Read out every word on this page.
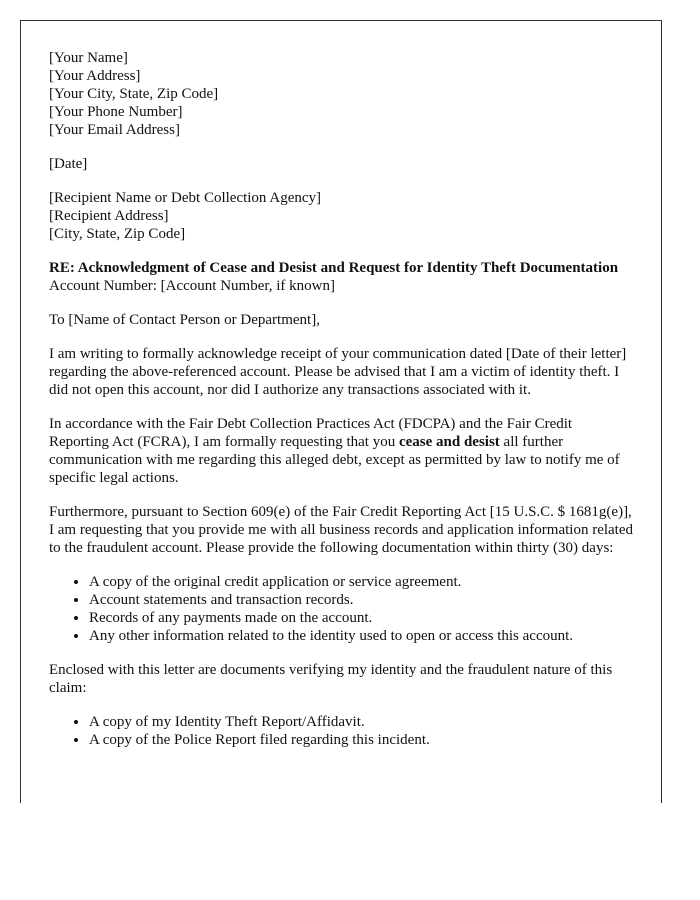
[Your Name]
[Your Address]
[Your City, State, Zip Code]
[Your Phone Number]
[Your Email Address]

[Date]

[Recipient Name or Debt Collection Agency]
[Recipient Address]
[City, State, Zip Code]

RE: Acknowledgment of Cease and Desist and Request for Identity Theft Documentation
Account Number: [Account Number, if known]

To [Name of Contact Person or Department],

I am writing to formally acknowledge receipt of your communication dated [Date of their letter] regarding the above-referenced account. Please be advised that I am a victim of identity theft. I did not open this account, nor did I authorize any transactions associated with it.

In accordance with the Fair Debt Collection Practices Act (FDCPA) and the Fair Credit Reporting Act (FCRA), I am formally requesting that you cease and desist all further communication with me regarding this alleged debt, except as permitted by law to notify me of specific legal actions.

Furthermore, pursuant to Section 609(e) of the Fair Credit Reporting Act [15 U.S.C. $ 1681g(e)], I am requesting that you provide me with all business records and application information related to the fraudulent account. Please provide the following documentation within thirty (30) days:

• A copy of the original credit application or service agreement.
• Account statements and transaction records.
• Records of any payments made on the account.
• Any other information related to the identity used to open or access this account.

Enclosed with this letter are documents verifying my identity and the fraudulent nature of this claim:

• A copy of my Identity Theft Report/Affidavit.
• A copy of the Police Report filed regarding this incident.
